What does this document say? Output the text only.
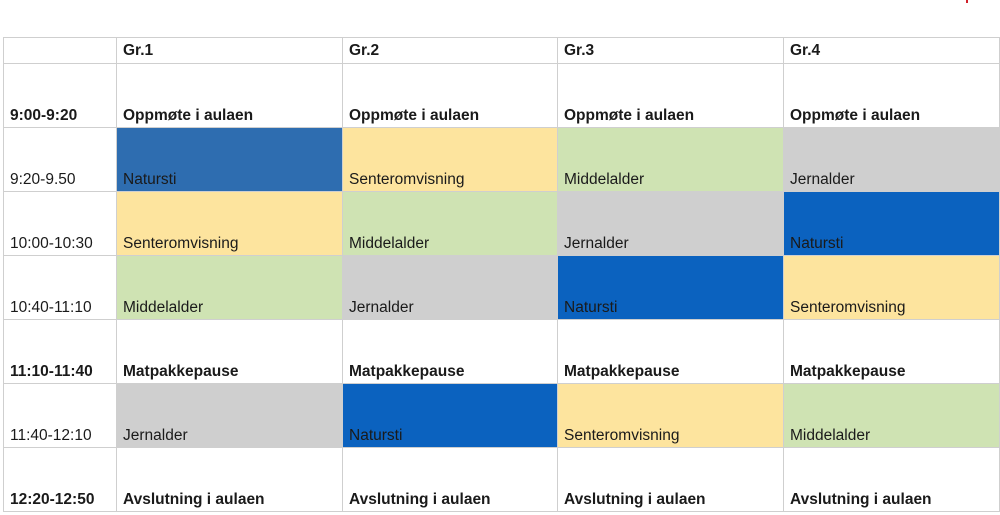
	Gr.1	Gr.2	Gr.3	Gr.4
9:00-9:20	Oppmøte i aulaen	Oppmøte i aulaen	Oppmøte i aulaen	Oppmøte i aulaen
9:20-9.50	Natursti	Senteromvisning	Middelalder	Jernalder
10:00-10:30	Senteromvisning	Middelalder	Jernalder	Natursti
10:40-11:10	Middelalder	Jernalder	Natursti	Senteromvisning
11:10-11:40	Matpakkepause	Matpakkepause	Matpakkepause	Matpakkepause
11:40-12:10	Jernalder	Natursti	Senteromvisning	Middelalder
12:20-12:50	Avslutning i aulaen	Avslutning i aulaen	Avslutning i aulaen	Avslutning i aulaen
